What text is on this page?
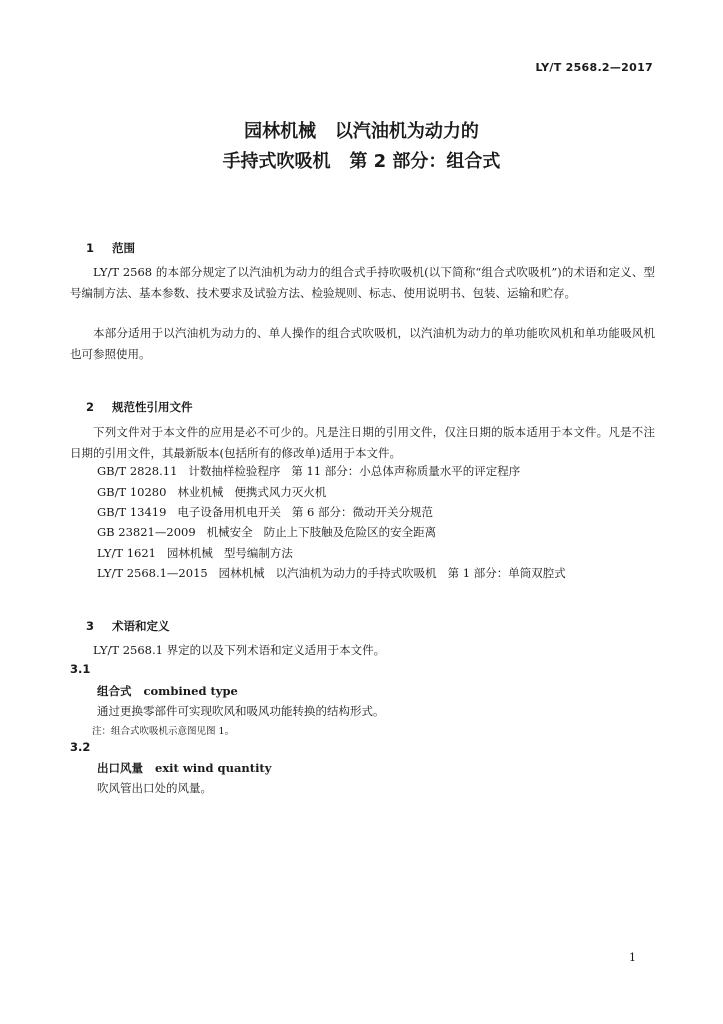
LY/T 2568.2—2017
园林机械   以汽油机为动力的
手持式吹吸机   第 2 部分：组合式

1 范围

LY/T 2568 的本部分规定了以汽油机为动力的组合式手持吹吸机(以下简称“组合式吹吸机”)的术语和定义、型号编制方法、基本参数、技术要求及试验方法、检验规则、标志、使用说明书、包装、运输和贮存。
本部分适用于以汽油机为动力的、单人操作的组合式吹吸机，以汽油机为动力的单功能吹风机和单功能吸风机也可参照使用。

2 规范性引用文件

下列文件对于本文件的应用是必不可少的。凡是注日期的引用文件，仅注日期的版本适用于本文件。凡是不注日期的引用文件，其最新版本(包括所有的修改单)适用于本文件。
GB/T 2828.11   计数抽样检验程序   第 11 部分：小总体声称质量水平的评定程序
GB/T 10280   林业机械   便携式风力灭火机
GB/T 13419   电子设备用机电开关   第 6 部分：微动开关分规范
GB 23821—2009   机械安全   防止上下肢触及危险区的安全距离
LY/T 1621   园林机械   型号编制方法
LY/T 2568.1—2015   园林机械   以汽油机为动力的手持式吹吸机   第 1 部分：单筒双腔式

3 术语和定义

LY/T 2568.1 界定的以及下列术语和定义适用于本文件。
3.1
组合式   combined type
通过更换零部件可实现吹风和吸风功能转换的结构形式。
注：组合式吹吸机示意图见图 1。
3.2
出口风量   exit wind quantity
吹风管出口处的风量。
1
